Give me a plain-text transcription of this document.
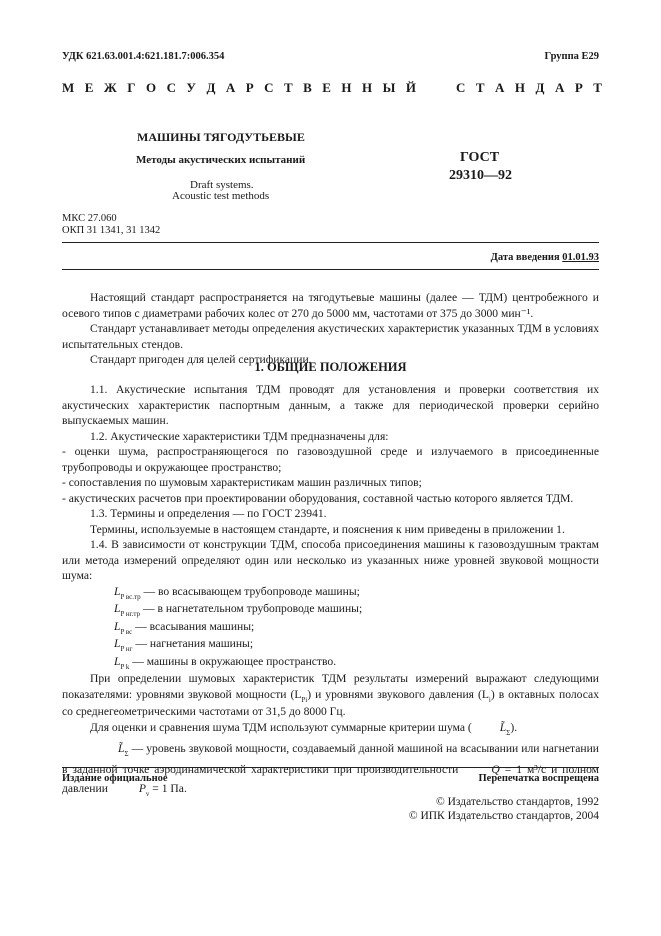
УДК 621.63.001.4:621.181.7:006.354	Группа Е29
М Е Ж Г О С У Д А Р С Т В Е Н Н Ы Й	С Т А Н Д А Р Т
МАШИНЫ ТЯГОДУТЬЕВЫЕ
Методы акустических испытаний
Draft systems.
Acoustic test methods
ГОСТ
29310—92
МКС 27.060
ОКП 31 1341, 31 1342
Дата введения 01.01.93

Настоящий стандарт распространяется на тягодутьевые машины (далее — ТДМ) центробежного и осевого типов с диаметрами рабочих колес от 270 до 5000 мм, частотами от 375 до 3000 мин⁻¹.

Стандарт устанавливает методы определения акустических характеристик указанных ТДМ в условиях испытательных стендов.

Стандарт пригоден для целей сертификации.

1. ОБЩИЕ ПОЛОЖЕНИЯ

1.1. Акустические испытания ТДМ проводят для установления и проверки соответствия их акустических характеристик паспортным данным, а также для периодической проверки серийно выпускаемых машин.

1.2. Акустические характеристики ТДМ предназначены для:

- оценки шума, распространяющегося по газовоздушной среде и излучаемого в присоединенные трубопроводы и окружающее пространство;

- сопоставления по шумовым характеристикам машин различных типов;

- акустических расчетов при проектировании оборудования, составной частью которого является ТДМ.

1.3. Термины и определения — по ГОСТ 23941.

Термины, используемые в настоящем стандарте, и пояснения к ним приведены в приложении 1.

1.4. В зависимости от конструкции ТДМ, способа присоединения машины к газовоздушным трактам или метода измерений определяют один или несколько из указанных ниже уровней звуковой мощности шума:

$L_{P вс.тр}$ — во всасывающем трубопроводе машины;
$L_{P нг.тр}$ — в нагнетательном трубопроводе машины;
$L_{P вс}$ — всасывания машины;
$L_{P нг}$ — нагнетания машины;
$L_{P k}$ — машины в окружающее пространство.

При определении шумовых характеристик ТДМ результаты измерений выражают следующими показателями: уровнями звуковой мощности $(L_{Pi})$ и уровнями звукового давления $(L_i)$ в октавных полосах со среднегеометрическими частотами от 31,5 до 8000 Гц.

Для оценки и сравнения шума ТДМ используют суммарные критерии шума ( $L̃_\Sigma$).

$L̃_\Sigma$ — уровень звуковой мощности, создаваемый данной машиной на всасывании или нагнетании в заданной точке аэродинамической характеристики при производительности Q = 1 м³/с и полном давлении $P_v = 1$ Па.

Издание официальное	Перепечатка воспрещена
© Издательство стандартов, 1992
© ИПК Издательство стандартов, 2004
